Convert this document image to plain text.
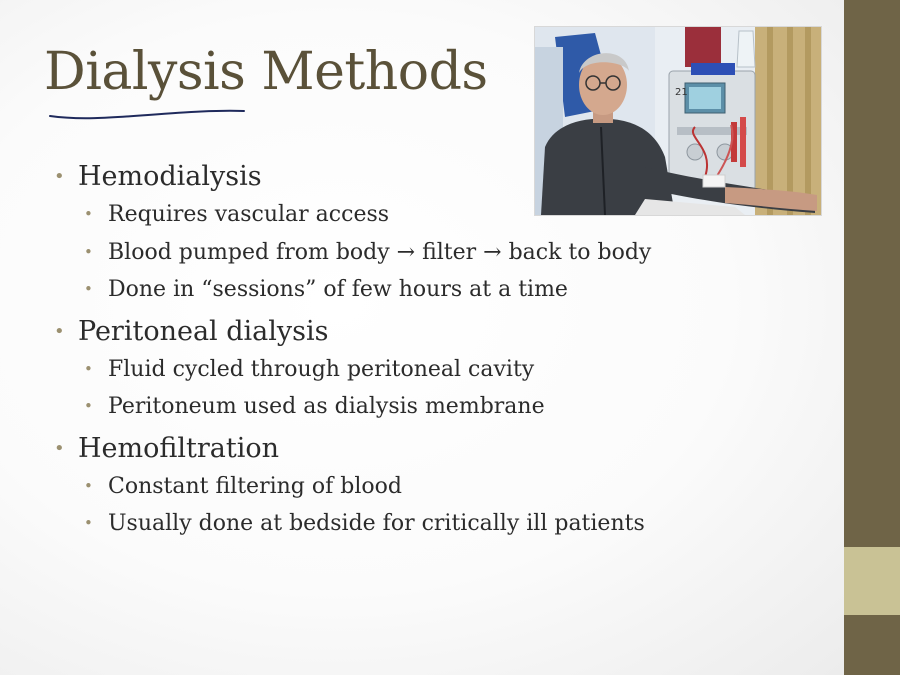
Dialysis Methods
• Hemodialysis
• Requires vascular access
• Blood pumped from body → filter → back to body
• Done in “sessions” of few hours at a time
• Peritoneal dialysis
• Fluid cycled through peritoneal cavity
• Peritoneum used as dialysis membrane
• Hemofiltration
• Constant filtering of blood
• Usually done at bedside for critically ill patients
21
